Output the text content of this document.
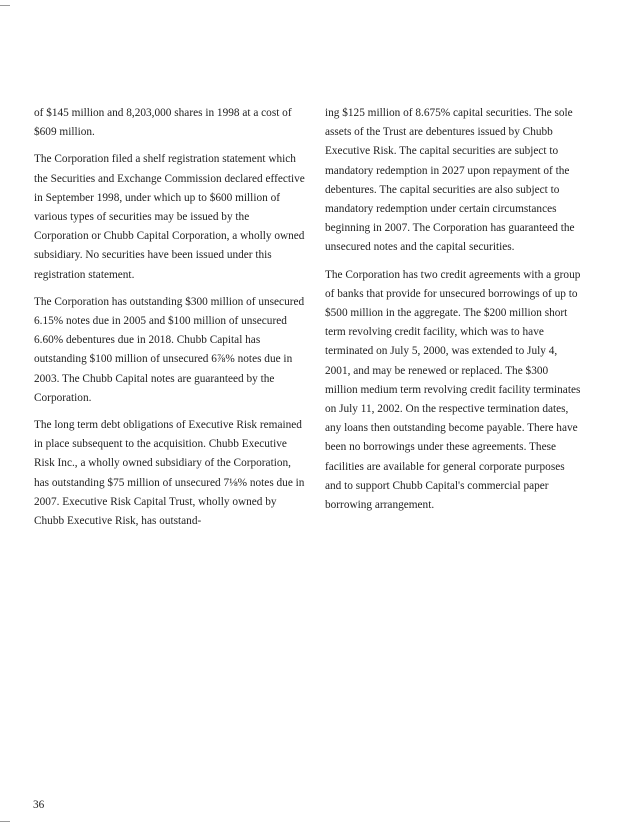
of $145 million and 8,203,000 shares in 1998 at a cost of $609 million.

The Corporation filed a shelf registration statement which the Securities and Exchange Commission declared effective in September 1998, under which up to $600 million of various types of securities may be issued by the Corporation or Chubb Capital Corporation, a wholly owned subsidiary. No securities have been issued under this registration statement.

The Corporation has outstanding $300 million of unsecured 6.15% notes due in 2005 and $100 million of unsecured 6.60% debentures due in 2018. Chubb Capital has outstanding $100 million of unsecured 6⅞% notes due in 2003. The Chubb Capital notes are guaranteed by the Corporation.

The long term debt obligations of Executive Risk remained in place subsequent to the acquisition. Chubb Executive Risk Inc., a wholly owned subsidiary of the Corporation, has outstanding $75 million of unsecured 7⅛% notes due in 2007. Executive Risk Capital Trust, wholly owned by Chubb Executive Risk, has outstand-

ing $125 million of 8.675% capital securities. The sole assets of the Trust are debentures issued by Chubb Executive Risk. The capital securities are subject to mandatory redemption in 2027 upon repayment of the debentures. The capital securities are also subject to mandatory redemption under certain circumstances beginning in 2007. The Corporation has guaranteed the unsecured notes and the capital securities.

The Corporation has two credit agreements with a group of banks that provide for unsecured borrowings of up to $500 million in the aggregate. The $200 million short term revolving credit facility, which was to have terminated on July 5, 2000, was extended to July 4, 2001, and may be renewed or replaced. The $300 million medium term revolving credit facility terminates on July 11, 2002. On the respective termination dates, any loans then outstanding become payable. There have been no borrowings under these agreements. These facilities are available for general corporate purposes and to support Chubb Capital's commercial paper borrowing arrangement.

36
